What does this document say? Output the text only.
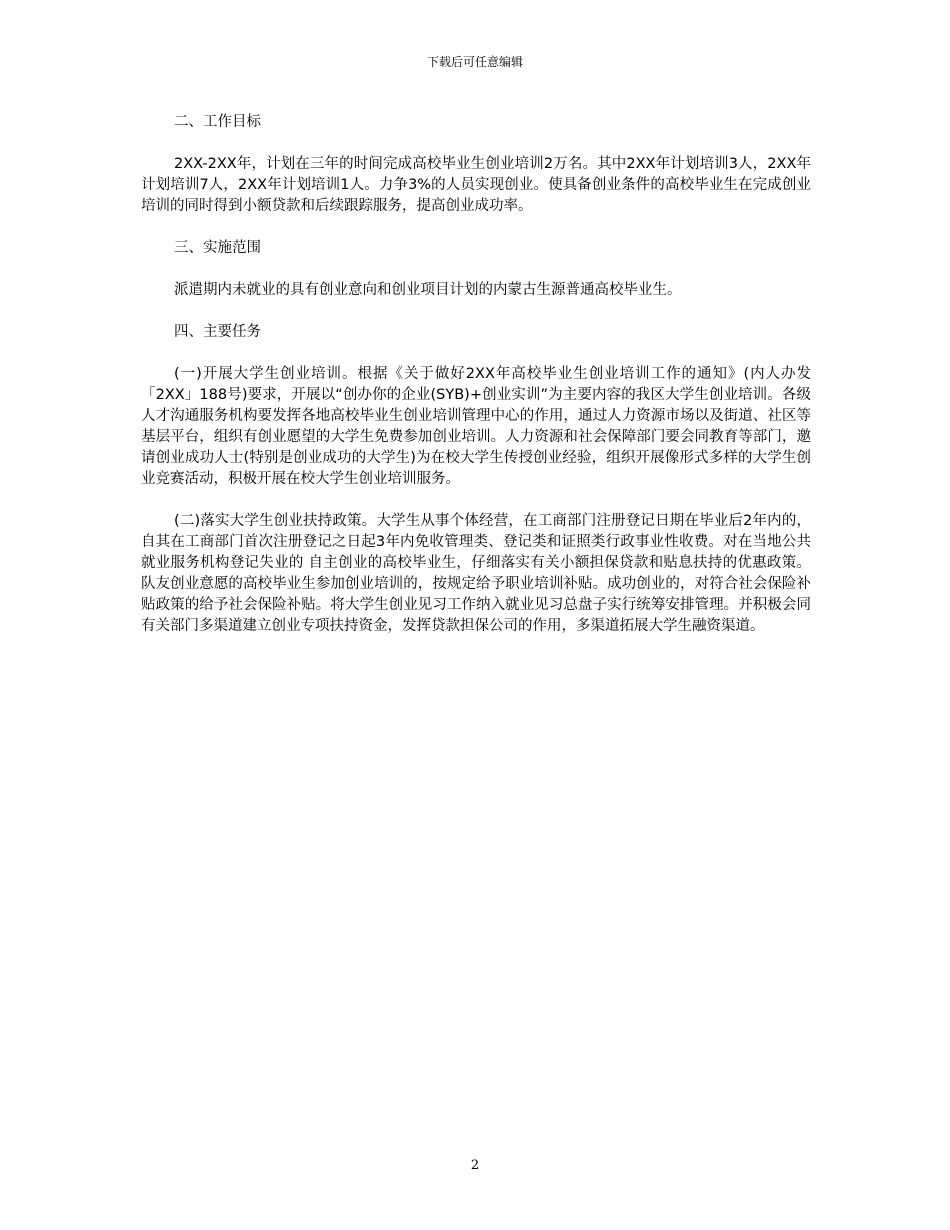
下载后可任意编辑

二、工作目标

2XX-2XX年，计划在三年的时间完成高校毕业生创业培训2万名。其中2XX年计划培训3人，2XX年计划培训7人，2XX年计划培训1人。力争3%的人员实现创业。使具备创业条件的高校毕业生在完成创业培训的同时得到小额贷款和后续跟踪服务，提高创业成功率。

三、实施范围

派遣期内未就业的具有创业意向和创业项目计划的内蒙古生源普通高校毕业生。

四、主要任务

(一)开展大学生创业培训。根据《关于做好2XX年高校毕业生创业培训工作的通知》(内人办发「2XX」188号)要求，开展以“创办你的企业(SYB)+创业实训”为主要内容的我区大学生创业培训。各级人才沟通服务机构要发挥各地高校毕业生创业培训管理中心的作用，通过人力资源市场以及街道、社区等基层平台，组织有创业愿望的大学生免费参加创业培训。人力资源和社会保障部门要会同教育等部门，邀请创业成功人士(特别是创业成功的大学生)为在校大学生传授创业经验，组织开展像形式多样的大学生创业竞赛活动，积极开展在校大学生创业培训服务。

(二)落实大学生创业扶持政策。大学生从事个体经营，在工商部门注册登记日期在毕业后2年内的，自其在工商部门首次注册登记之日起3年内免收管理类、登记类和证照类行政事业性收费。对在当地公共就业服务机构登记失业的 自主创业的高校毕业生，仔细落实有关小额担保贷款和贴息扶持的优惠政策。队友创业意愿的高校毕业生参加创业培训的，按规定给予职业培训补贴。成功创业的，对符合社会保险补贴政策的给予社会保险补贴。将大学生创业见习工作纳入就业见习总盘子实行统筹安排管理。并积极会同有关部门多渠道建立创业专项扶持资金，发挥贷款担保公司的作用，多渠道拓展大学生融资渠道。

2
